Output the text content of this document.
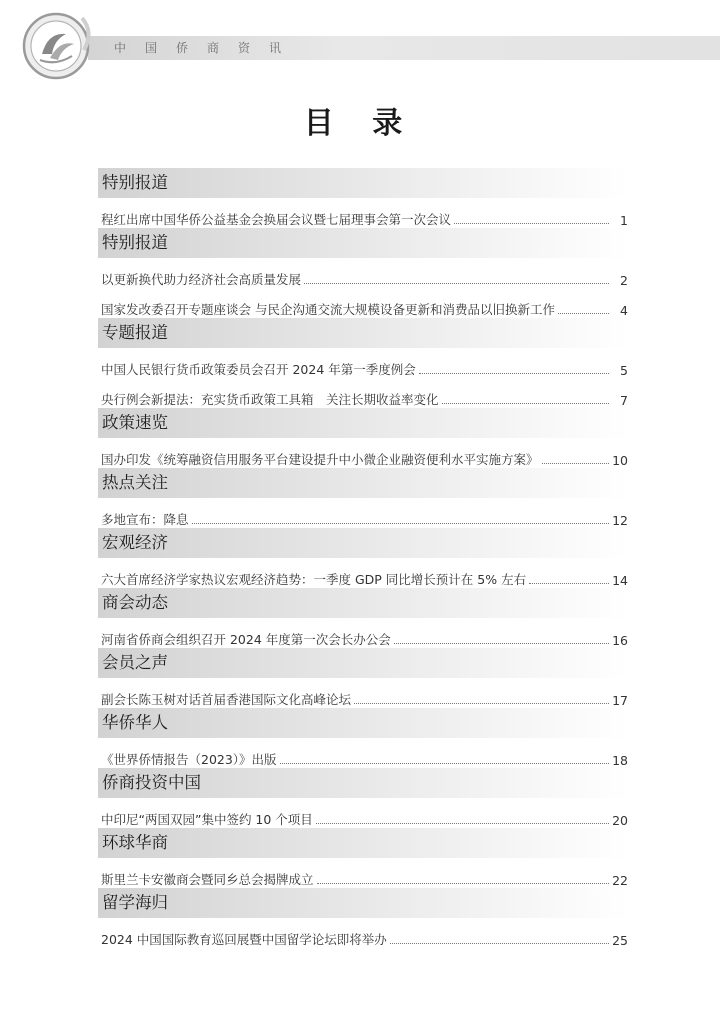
中国侨商资讯
目 录
特别报道
程红出席中国华侨公益基金会换届会议暨七届理事会第一次会议	1
特别报道
以更新换代助力经济社会高质量发展	2
国家发改委召开专题座谈会 与民企沟通交流大规模设备更新和消费品以旧换新工作	4
专题报道
中国人民银行货币政策委员会召开 2024 年第一季度例会	5
央行例会新提法：充实货币政策工具箱　关注长期收益率变化	7
政策速览
国办印发《统筹融资信用服务平台建设提升中小微企业融资便利水平实施方案》	10
热点关注
多地宣布：降息	12
宏观经济
六大首席经济学家热议宏观经济趋势：一季度 GDP 同比增长预计在 5% 左右	14
商会动态
河南省侨商会组织召开 2024 年度第一次会长办公会	16
会员之声
副会长陈玉树对话首届香港国际文化高峰论坛	17
华侨华人
《世界侨情报告（2023）》出版	18
侨商投资中国
中印尼“两国双园”集中签约 10 个项目	20
环球华商
斯里兰卡安徽商会暨同乡总会揭牌成立	22
留学海归
2024 中国国际教育巡回展暨中国留学论坛即将举办	25
